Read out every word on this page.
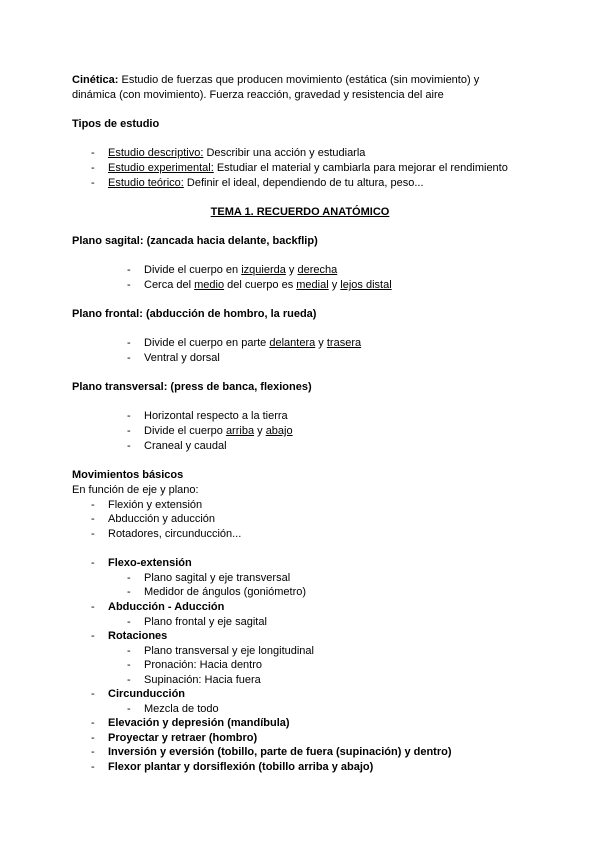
Cinética: Estudio de fuerzas que producen movimiento (estática (sin movimiento) y
dinámica (con movimiento). Fuerza reacción, gravedad y resistencia del aire
Tipos de estudio
- Estudio descriptivo: Describir una acción y estudiarla
- Estudio experimental: Estudiar el material y cambiarla para mejorar el rendimiento
- Estudio teórico: Definir el ideal, dependiendo de tu altura, peso...
TEMA 1. RECUERDO ANATÓMICO
Plano sagital: (zancada hacia delante, backflip)
- Divide el cuerpo en izquierda y derecha
- Cerca del medio del cuerpo es medial y lejos distal
Plano frontal: (abducción de hombro, la rueda)
- Divide el cuerpo en parte delantera y trasera
- Ventral y dorsal
Plano transversal: (press de banca, flexiones)
- Horizontal respecto a la tierra
- Divide el cuerpo arriba y abajo
- Craneal y caudal
Movimientos básicos
En función de eje y plano:
- Flexión y extensión
- Abducción y aducción
- Rotadores, circunducción...
- Flexo-extensión
- Plano sagital y eje transversal
- Medidor de ángulos (goniómetro)
- Abducción - Aducción
- Plano frontal y eje sagital
- Rotaciones
- Plano transversal y eje longitudinal
- Pronación: Hacia dentro
- Supinación: Hacia fuera
- Circunducción
- Mezcla de todo
- Elevación y depresión (mandíbula)
- Proyectar y retraer (hombro)
- Inversión y eversión (tobillo, parte de fuera (supinación) y dentro)
- Flexor plantar y dorsiflexión (tobillo arriba y abajo)
